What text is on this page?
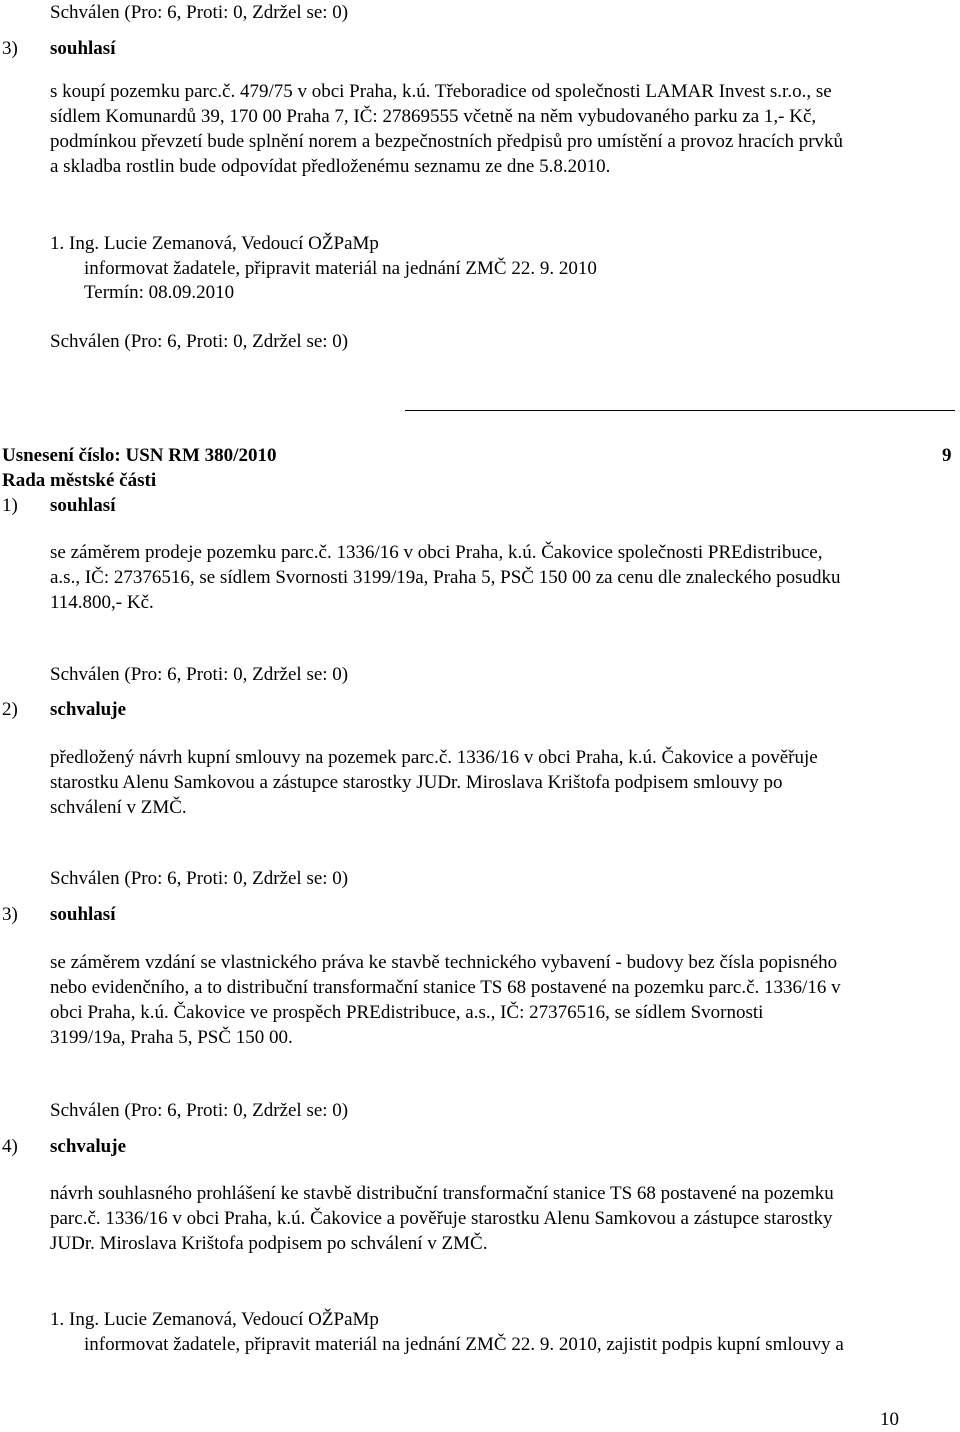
Schválen (Pro: 6, Proti: 0, Zdržel se: 0)
3) souhlasí
s koupí pozemku parc.č. 479/75 v obci Praha, k.ú. Třeboradice od společnosti LAMAR Invest s.r.o., se
sídlem Komunardů 39, 170 00 Praha 7, IČ: 27869555 včetně na něm vybudovaného parku za 1,- Kč,
podmínkou převzetí bude splnění norem a bezpečnostních předpisů pro umístění a provoz hracích prvků
a skladba rostlin bude odpovídat předloženému seznamu ze dne 5.8.2010.
1. Ing. Lucie Zemanová, Vedoucí OŽPaMp
informovat žadatele, připravit materiál na jednání ZMČ 22. 9. 2010
Termín: 08.09.2010
Schválen (Pro: 6, Proti: 0, Zdržel se: 0)
Usnesení číslo: USN RM 380/2010	9
Rada městské části
1) souhlasí
se záměrem prodeje pozemku parc.č. 1336/16 v obci Praha, k.ú. Čakovice společnosti PREdistribuce,
a.s., IČ: 27376516, se sídlem Svornosti 3199/19a, Praha 5, PSČ 150 00 za cenu dle znaleckého posudku
114.800,- Kč.
Schválen (Pro: 6, Proti: 0, Zdržel se: 0)
2) schvaluje
předložený návrh kupní smlouvy na pozemek parc.č. 1336/16 v obci Praha, k.ú. Čakovice a pověřuje
starostku Alenu Samkovou a zástupce starostky JUDr. Miroslava Krištofa podpisem smlouvy po
schválení v ZMČ.
Schválen (Pro: 6, Proti: 0, Zdržel se: 0)
3) souhlasí
se záměrem vzdání se vlastnického práva ke stavbě technického vybavení - budovy bez čísla popisného
nebo evidenčního, a to distribuční transformační stanice TS 68 postavené na pozemku parc.č. 1336/16 v
obci Praha, k.ú. Čakovice ve prospěch PREdistribuce, a.s., IČ: 27376516, se sídlem Svornosti
3199/19a, Praha 5, PSČ 150 00.
Schválen (Pro: 6, Proti: 0, Zdržel se: 0)
4) schvaluje
návrh souhlasného prohlášení ke stavbě distribuční transformační stanice TS 68 postavené na pozemku
parc.č. 1336/16 v obci Praha, k.ú. Čakovice a pověřuje starostku Alenu Samkovou a zástupce starostky
JUDr. Miroslava Krištofa podpisem po schválení v ZMČ.
1. Ing. Lucie Zemanová, Vedoucí OŽPaMp
informovat žadatele, připravit materiál na jednání ZMČ 22. 9. 2010, zajistit podpis kupní smlouvy a
10
